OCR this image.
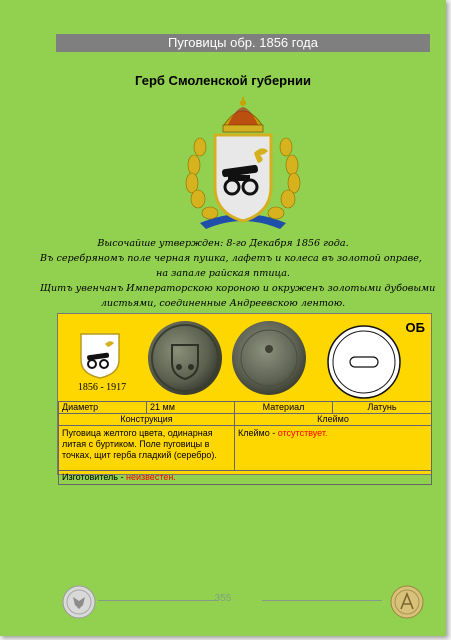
Пуговицы обр. 1856 года
Герб Смоленской губернии
Высочайше утвержден: 8-го Декабря 1856 года.
Въ серебряномъ поле черная пушка, лафетъ и колеса въ золотой оправе,
на запале райская птица.
Щитъ увенчанъ Императорскою короною и окруженъ золотыми дубовыми
листьями, соединенные Андреевскою лентою.
1856 - 1917
ОБ
Диаметр	21 мм	Материал	Латунь
Конструкция		Клеймо	
Пуговица желтого цвета, одинарная литая с буртиком. Поле пуговицы в точках, щит герба гладкий (серебро).		Клеймо - отсутствует.	
Изготовитель - неизвестен.			
355
